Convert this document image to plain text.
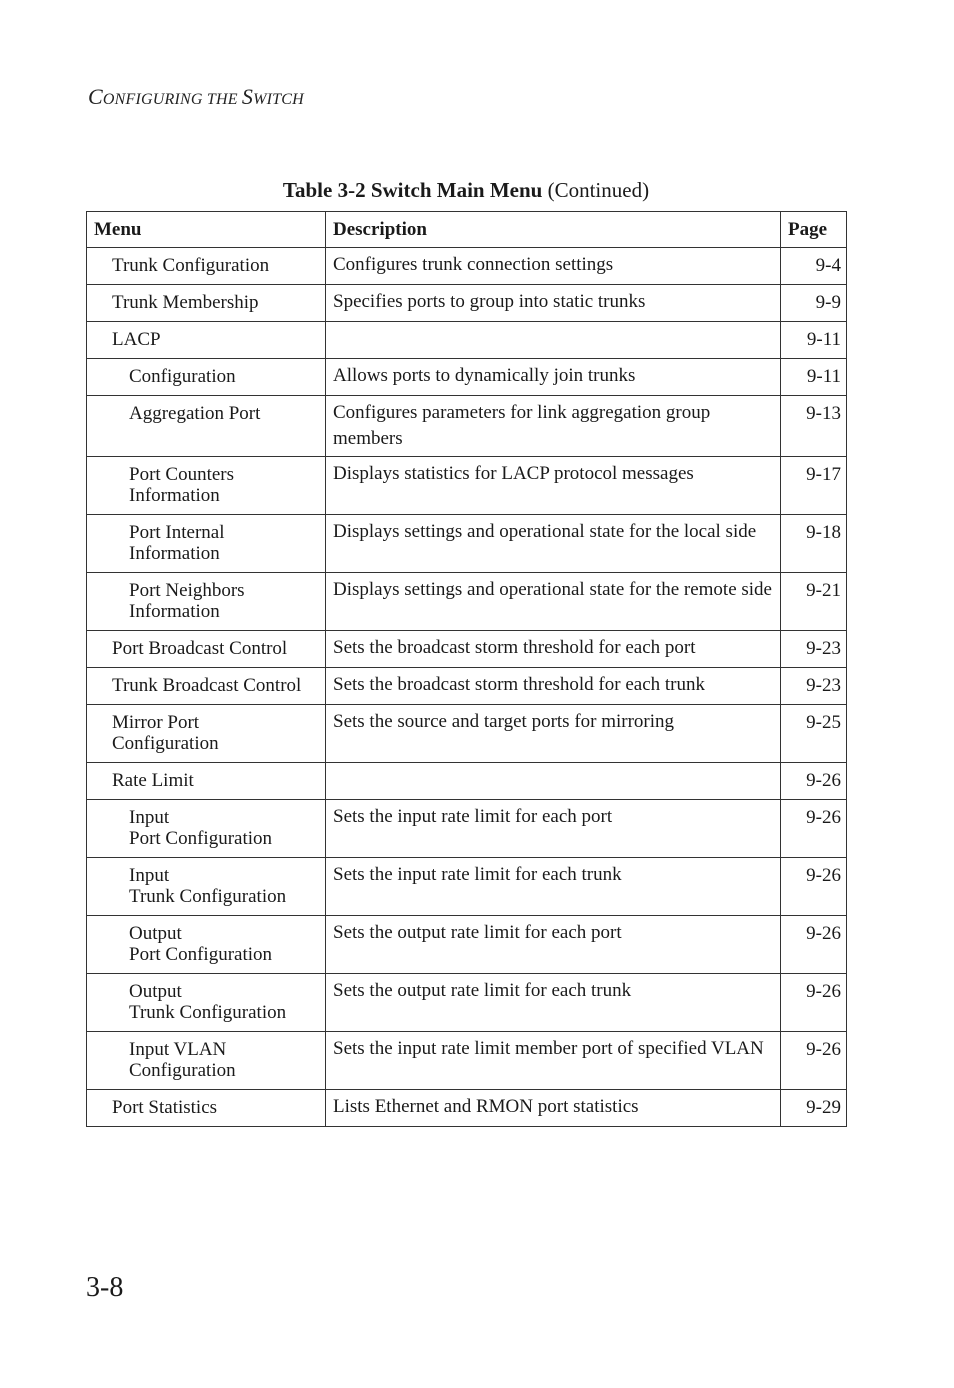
CONFIGURING THE SWITCH
Table 3-2 Switch Main Menu (Continued)
Menu	Description	Page
Trunk Configuration	Configures trunk connection settings	9-4
Trunk Membership	Specifies ports to group into static trunks	9-9
LACP		9-11
Configuration	Allows ports to dynamically join trunks	9-11
Aggregation Port	Configures parameters for link aggregation group members	9-13
Port Counters
Information	Displays statistics for LACP protocol messages	9-17
Port Internal
Information	Displays settings and operational state for the local side	9-18
Port Neighbors
Information	Displays settings and operational state for the remote side	9-21
Port Broadcast Control	Sets the broadcast storm threshold for each port	9-23
Trunk Broadcast Control	Sets the broadcast storm threshold for each trunk	9-23
Mirror Port
Configuration	Sets the source and target ports for mirroring	9-25
Rate Limit		9-26
Input
Port Configuration	Sets the input rate limit for each port	9-26
Input
Trunk Configuration	Sets the input rate limit for each trunk	9-26
Output
Port Configuration	Sets the output rate limit for each port	9-26
Output
Trunk Configuration	Sets the output rate limit for each trunk	9-26
Input VLAN
Configuration	Sets the input rate limit member port of specified VLAN	9-26
Port Statistics	Lists Ethernet and RMON port statistics	9-29
3-8
